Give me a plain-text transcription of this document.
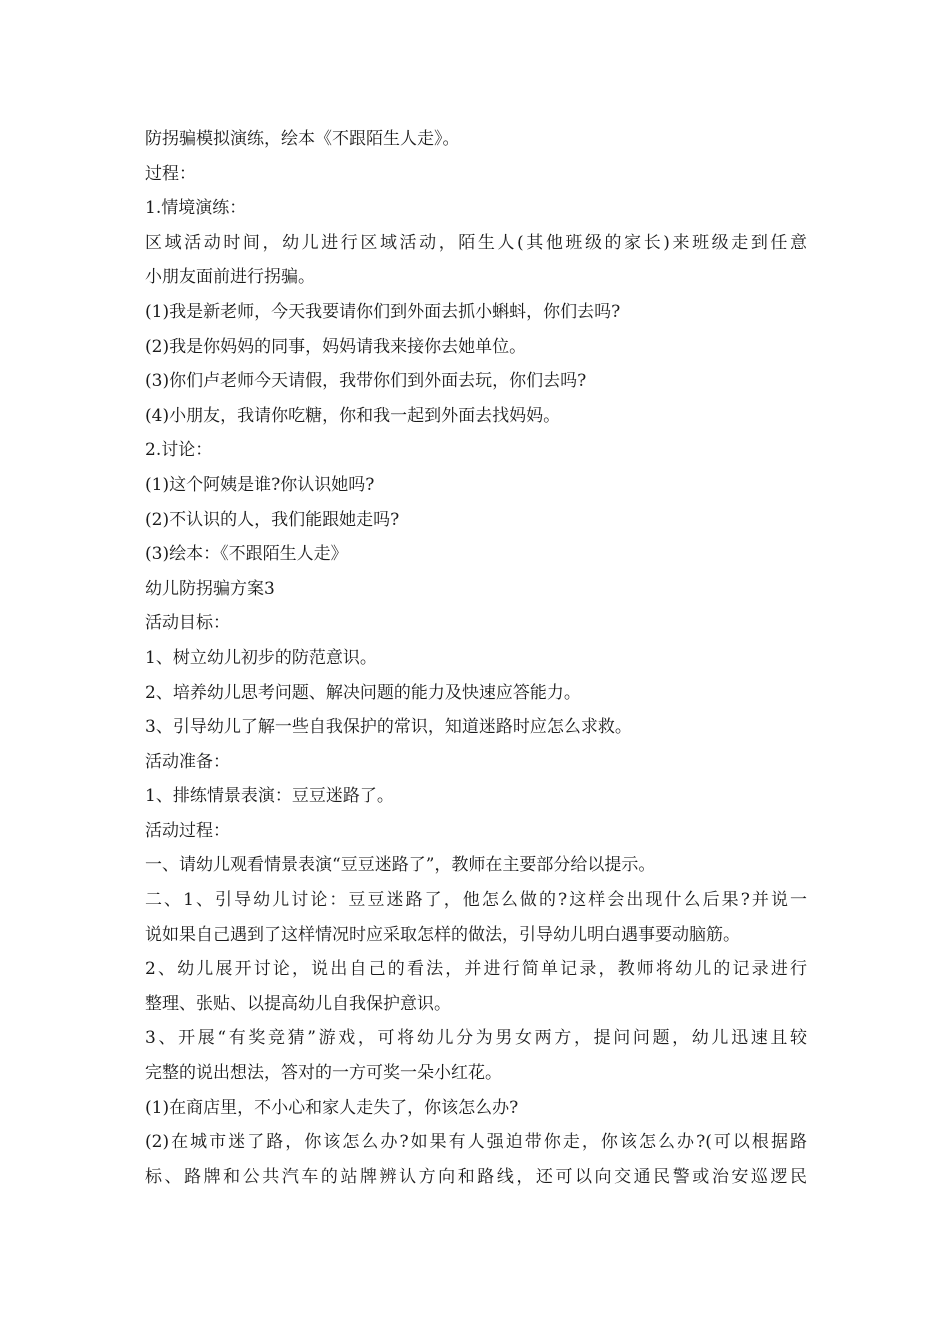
防拐骗模拟演练，绘本《不跟陌生人走》。
过程：
1.情境演练：
区域活动时间，幼儿进行区域活动，陌生人(其他班级的家长)来班级走到任意
小朋友面前进行拐骗。
(1)我是新老师，今天我要请你们到外面去抓小蝌蚪，你们去吗?
(2)我是你妈妈的同事，妈妈请我来接你去她单位。
(3)你们卢老师今天请假，我带你们到外面去玩，你们去吗?
(4)小朋友，我请你吃糖，你和我一起到外面去找妈妈。
2.讨论：
(1)这个阿姨是谁?你认识她吗?
(2)不认识的人，我们能跟她走吗?
(3)绘本：《不跟陌生人走》
幼儿防拐骗方案3
活动目标：
1、树立幼儿初步的防范意识。
2、培养幼儿思考问题、解决问题的能力及快速应答能力。
3、引导幼儿了解一些自我保护的常识，知道迷路时应怎么求救。
活动准备：
1、排练情景表演：豆豆迷路了。
活动过程：
一、请幼儿观看情景表演“豆豆迷路了”，教师在主要部分给以提示。
二、1、引导幼儿讨论：豆豆迷路了，他怎么做的?这样会出现什么后果?并说一
说如果自己遇到了这样情况时应采取怎样的做法，引导幼儿明白遇事要动脑筋。
2、幼儿展开讨论，说出自己的看法，并进行简单记录，教师将幼儿的记录进行
整理、张贴、以提高幼儿自我保护意识。
3、开展“有奖竞猜”游戏，可将幼儿分为男女两方，提问问题，幼儿迅速且较
完整的说出想法，答对的一方可奖一朵小红花。
(1)在商店里，不小心和家人走失了，你该怎么办?
(2)在城市迷了路，你该怎么办?如果有人强迫带你走，你该怎么办?(可以根据路
标、路牌和公共汽车的站牌辨认方向和路线，还可以向交通民警或治安巡逻民
